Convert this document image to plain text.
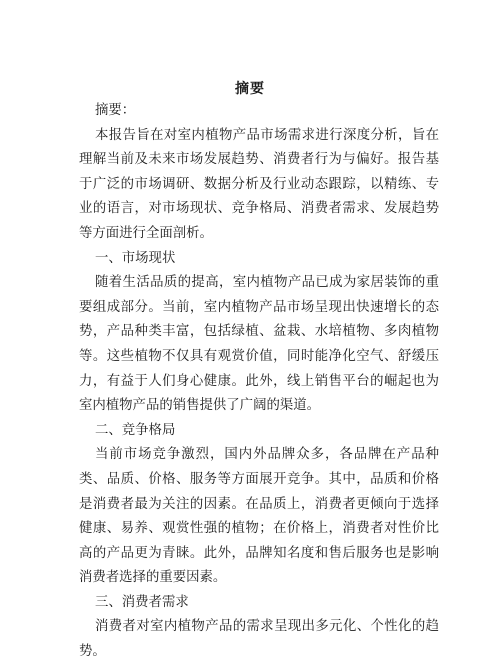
摘要

摘要：

本报告旨在对室内植物产品市场需求进行深度分析，旨在理解当前及未来市场发展趋势、消费者行为与偏好。报告基于广泛的市场调研、数据分析及行业动态跟踪，以精练、专业的语言，对市场现状、竞争格局、消费者需求、发展趋势等方面进行全面剖析。

一、市场现状

随着生活品质的提高，室内植物产品已成为家居装饰的重要组成部分。当前，室内植物产品市场呈现出快速增长的态势，产品种类丰富，包括绿植、盆栽、水培植物、多肉植物等。这些植物不仅具有观赏价值，同时能净化空气、舒缓压力，有益于人们身心健康。此外，线上销售平台的崛起也为室内植物产品的销售提供了广阔的渠道。

二、竞争格局

当前市场竞争激烈，国内外品牌众多，各品牌在产品种类、品质、价格、服务等方面展开竞争。其中，品质和价格是消费者最为关注的因素。在品质上，消费者更倾向于选择健康、易养、观赏性强的植物；在价格上，消费者对性价比高的产品更为青睐。此外，品牌知名度和售后服务也是影响消费者选择的重要因素。

三、消费者需求

消费者对室内植物产品的需求呈现出多元化、个性化的趋势。
